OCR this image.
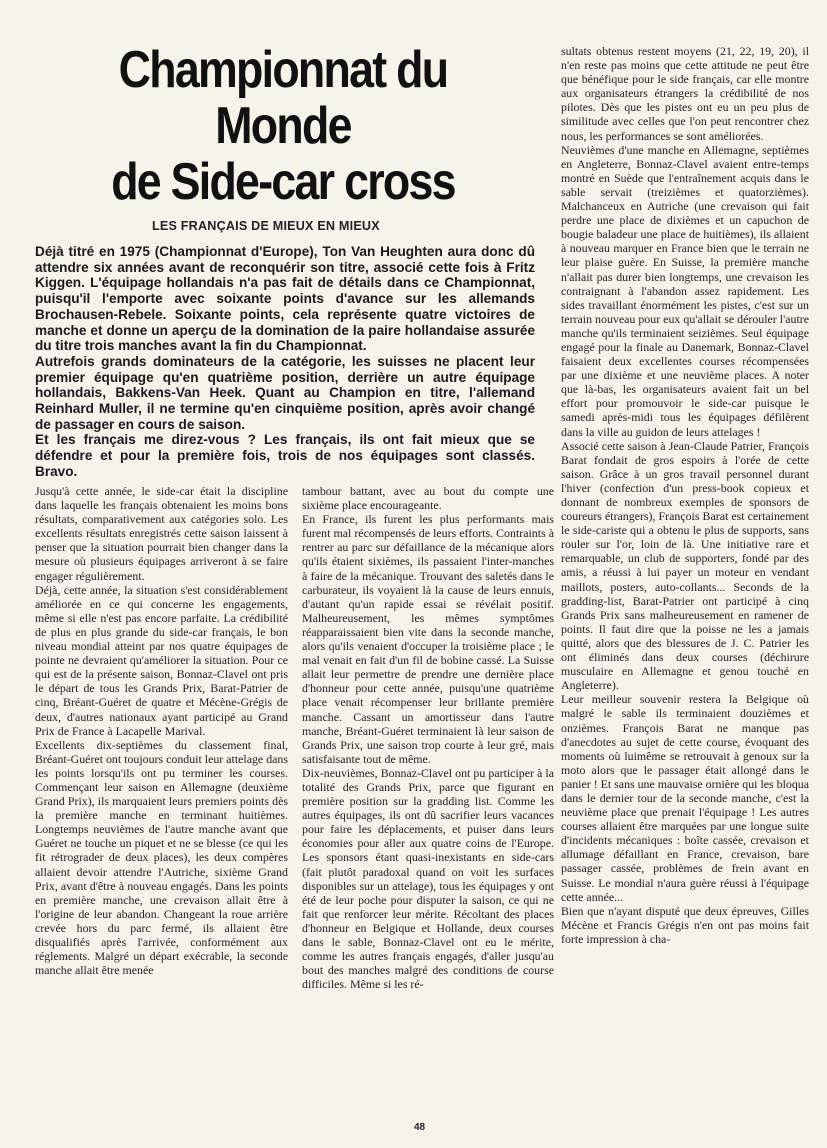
Championnat du Monde
de Side-car cross
LES FRANÇAIS DE MIEUX EN MIEUX

Déjà titré en 1975 (Championnat d'Europe), Ton Van Heughten aura donc dû attendre six années avant de reconquérir son titre, associé cette fois à Fritz Kiggen. L'équipage hollandais n'a pas fait de détails dans ce Championnat, puisqu'il l'emporte avec soixante points d'avance sur les allemands Brochausen-Rebele. Soixante points, cela représente quatre victoires de manche et donne un aperçu de la domination de la paire hollandaise assurée du titre trois manches avant la fin du Championnat.

Autrefois grands dominateurs de la catégorie, les suisses ne placent leur premier équipage qu'en quatrième position, derrière un autre équipage hollandais, Bakkens-Van Heek. Quant au Champion en titre, l'allemand Reinhard Muller, il ne termine qu'en cinquième position, après avoir changé de passager en cours de saison.

Et les français me direz-vous ? Les français, ils ont fait mieux que se défendre et pour la première fois, trois de nos équipages sont classés. Bravo.

Jusqu'à cette année, le side-car était la discipline dans laquelle les français obtenaient les moins bons résultats, comparativement aux catégories solo. Les excellents résultats enregistrés cette saison laissent à penser que la situation pourrait bien changer dans la mesure où plusieurs équipages arriveront à se faire engager régulièrement.

Déjà, cette année, la situation s'est considérablement améliorée en ce qui concerne les engagements, même si elle n'est pas encore parfaite. La crédibilité de plus en plus grande du side-car français, le bon niveau mondial atteint par nos quatre équipages de pointe ne devraient qu'améliorer la situation. Pour ce qui est de la présente saison, Bonnaz-Clavel ont pris le départ de tous les Grands Prix, Barat-Patrier de cinq, Bréant-Guéret de quatre et Mécène-Grégis de deux, d'autres nationaux ayant participé au Grand Prix de France à Lacapelle Marival.

Excellents dix-septièmes du classement final, Bréant-Guéret ont toujours conduit leur attelage dans les points lorsqu'ils ont pu terminer les courses. Commençant leur saison en Allemagne (deuxième Grand Prix), ils marquaient leurs premiers points dès la première manche en terminant huitièmes. Longtemps neuvièmes de l'autre manche avant que Guéret ne touche un piquet et ne se blesse (ce qui les fit rétrograder de deux places), les deux compères allaient devoir attendre l'Autriche, sixième Grand Prix, avant d'être à nouveau engagés. Dans les points en première manche, une crevaison allait être à l'origine de leur abandon. Changeant la roue arrière crevée hors du parc fermé, ils allaient être disqualifiés après l'arrivée, conformément aux réglements. Malgré un départ exécrable, la seconde manche allait être menée

tambour battant, avec au bout du compte une sixième place encourageante.

En France, ils furent les plus performants mais furent mal récompensés de leurs efforts. Contraints à rentrer au parc sur défaillance de la mécanique alors qu'ils étaient sixièmes, ils passaient l'inter-manches à faire de la mécanique. Trouvant des saletés dans le carburateur, ils voyaient là la cause de leurs ennuis, d'autant qu'un rapide essai se révélait positif. Malheureusement, les mêmes symptômes réapparaissaient bien vite dans la seconde manche, alors qu'ils venaient d'occuper la troisième place ; le mal venait en fait d'un fil de bobine cassé. La Suisse allait leur permettre de prendre une dernière place d'honneur pour cette année, puisqu'une quatrième place venait récompenser leur brillante première manche. Cassant un amortisseur dans l'autre manche, Bréant-Guéret terminaient là leur saison de Grands Prix, une saison trop courte à leur gré, mais satisfaisante tout de même.

Dix-neuvièmes, Bonnaz-Clavel ont pu participer à la totalité des Grands Prix, parce que figurant en première position sur la gradding list. Comme les autres équipages, ils ont dû sacrifier leurs vacances pour faire les déplacements, et puiser dans leurs économies pour aller aux quatre coins de l'Europe. Les sponsors étant quasi-inexistants en side-cars (fait plutôt paradoxal quand on voit les surfaces disponibles sur un attelage), tous les équipages y ont été de leur poche pour disputer la saison, ce qui ne fait que renforcer leur mérite. Récoltant des places d'honneur en Belgique et Hollande, deux courses dans le sable, Bonnaz-Clavel ont eu le mérite, comme les autres français engagés, d'aller jusqu'au bout des manches malgré des conditions de course difficiles. Même si les ré-

sultats obtenus restent moyens (21, 22, 19, 20), il n'en reste pas moins que cette attitude ne peut être que bénéfique pour le side français, car elle montre aux organisateurs étrangers la crédibilité de nos pilotes. Dès que les pistes ont eu un peu plus de similitude avec celles que l'on peut rencontrer chez nous, les performances se sont améliorées.

Neuvièmes d'une manche en Allemagne, septièmes en Angleterre, Bonnaz-Clavel avaient entre-temps montré en Suède que l'entraînement acquis dans le sable servait (treizièmes et quatorzièmes). Malchanceux en Autriche (une crevaison qui fait perdre une place de dixièmes et un capuchon de bougie baladeur une place de huitièmes), ils allaient à nouveau marquer en France bien que le terrain ne leur plaise guère. En Suisse, la première manche n'allait pas durer bien longtemps, une crevaison les contraignant à l'abandon assez rapidement. Les sides travaillant énormément les pistes, c'est sur un terrain nouveau pour eux qu'allait se dérouler l'autre manche qu'ils terminaient seizièmes. Seul équipage engagé pour la finale au Danemark, Bonnaz-Clavel faisaient deux excellentes courses récompensées par une dixième et une neuvième places. A noter que là-bas, les organisateurs avaient fait un bel effort pour promouvoir le side-car puisque le samedi après-midi tous les équipages défilèrent dans la ville au guidon de leurs attelages !

Associé cette saison à Jean-Claude Patrier, François Barat fondait de gros espoirs à l'orée de cette saison. Grâce à un gros travail personnel durant l'hiver (confection d'un press-book copieux et donnant de nombreux exemples de sponsors de coureurs étrangers), François Barat est certainement le side-cariste qui a obtenu le plus de supports, sans rouler sur l'or, loin de là. Une initiative rare et remarquable, un club de supporters, fondé par des amis, a réussi à lui payer un moteur en vendant maillots, posters, auto-collants... Seconds de la gradding-list, Barat-Patrier ont participé à cinq Grands Prix sans malheureusement en ramener de points. Il faut dire que la poisse ne les a jamais quitté, alors que des blessures de J. C. Patrier les ont éliminés dans deux courses (déchirure musculaire en Allemagne et genou touché en Angleterre).

Leur meilleur souvenir restera la Belgique où malgré le sable ils terminaient douzièmes et onzièmes. François Barat ne manque pas d'anecdotes au sujet de cette course, évoquant des moments où luimême se retrouvait à genoux sur la moto alors que le passager était allongé dans le panier ! Et sans une mauvaise ornière qui les bloqua dans le dernier tour de la seconde manche, c'est la neuvième place que prenait l'équipage ! Les autres courses allaient être marquées par une longue suite d'incidents mécaniques : boîte cassée, crevaison et allumage défaillant en France, crevaison, bare passager cassée, problèmes de frein avant en Suisse. Le mondial n'aura guère réussi à l'équipage cette année...

Bien que n'ayant disputé que deux épreuves, Gilles Mécène et Francis Grégis n'en ont pas moins fait forte impression à cha-

48
